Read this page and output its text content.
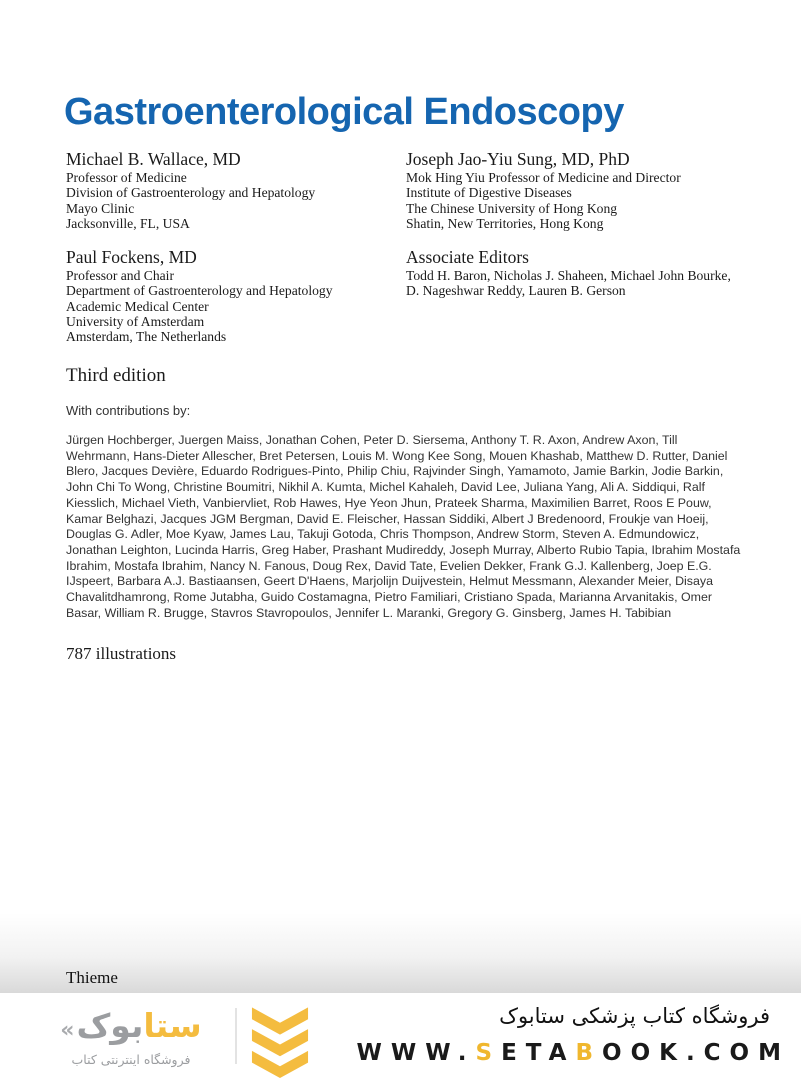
Gastroenterological Endoscopy
Michael B. Wallace, MD
Professor of Medicine
Division of Gastroenterology and Hepatology
Mayo Clinic
Jacksonville, FL, USA
Joseph Jao-Yiu Sung, MD, PhD
Mok Hing Yiu Professor of Medicine and Director
Institute of Digestive Diseases
The Chinese University of Hong Kong
Shatin, New Territories, Hong Kong
Paul Fockens, MD
Professor and Chair
Department of Gastroenterology and Hepatology
Academic Medical Center
University of Amsterdam
Amsterdam, The Netherlands
Associate Editors
Todd H. Baron, Nicholas J. Shaheen, Michael John Bourke,
D. Nageshwar Reddy, Lauren B. Gerson
Third edition
With contributions by:
Jürgen Hochberger, Juergen Maiss, Jonathan Cohen, Peter D. Siersema, Anthony T. R. Axon, Andrew Axon, Till Wehrmann, Hans-Dieter Allescher, Bret Petersen, Louis M. Wong Kee Song, Mouen Khashab, Matthew D. Rutter, Daniel Blero, Jacques Devière, Eduardo Rodrigues-Pinto, Philip Chiu, Rajvinder Singh, Yamamoto, Jamie Barkin, Jodie Barkin, John Chi To Wong, Christine Boumitri, Nikhil A. Kumta, Michel Kahaleh, David Lee, Juliana Yang, Ali A. Siddiqui, Ralf Kiesslich, Michael Vieth, Vanbiervliet, Rob Hawes, Hye Yeon Jhun, Prateek Sharma, Maximilien Barret, Roos E Pouw, Kamar Belghazi, Jacques JGM Bergman, David E. Fleischer, Hassan Siddiki, Albert J Bredenoord, Froukje van Hoeij, Douglas G. Adler, Moe Kyaw, James Lau, Takuji Gotoda, Chris Thompson, Andrew Storm, Steven A. Edmundowicz, Jonathan Leighton, Lucinda Harris, Greg Haber, Prashant Mudireddy, Joseph Murray, Alberto Rubio Tapia, Ibrahim Mostafa Ibrahim, Mostafa Ibrahim, Nancy N. Fanous, Doug Rex, David Tate, Evelien Dekker, Frank G.J. Kallenberg, Joep E.G. IJspeert, Barbara A.J. Bastiaansen, Geert D'Haens, Marjolijn Duijvestein, Helmut Messmann, Alexander Meier, Disaya Chavalitdhamrong, Rome Jutabha, Guido Costamagna, Pietro Familiari, Cristiano Spada, Marianna Arvanitakis, Omer Basar, William R. Brugge, Stavros Stavropoulos, Jennifer L. Maranki, Gregory G. Ginsberg, James H. Tabibian
787 illustrations
Thieme
« بوک ستا
فروشگاه اینترنتی کتاب
فروشگاه کتاب پزشکی ستابوک
WWW.SETABOOK.COM
